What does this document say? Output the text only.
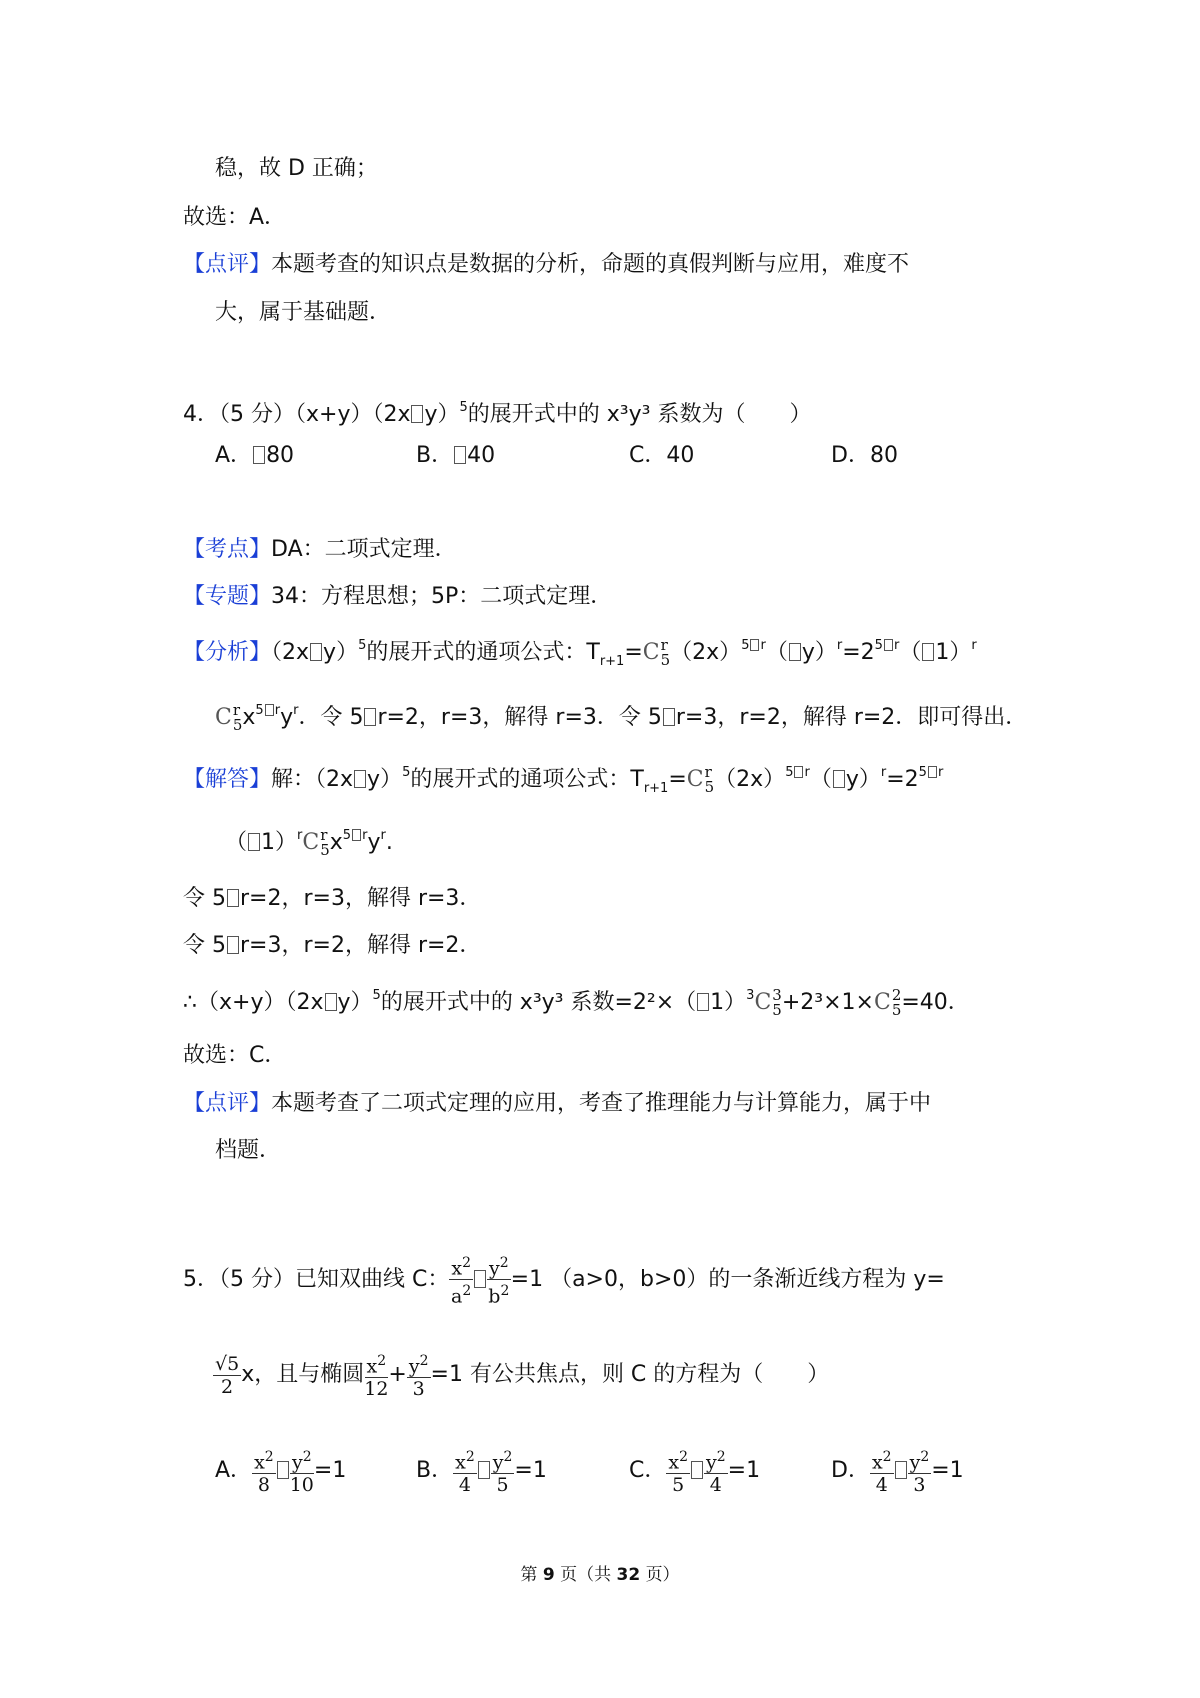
稳，故 D 正确；
故选：A．
【点评】本题考查的知识点是数据的分析，命题的真假判断与应用，难度不
大，属于基础题．
4．（5 分）（x+y）（2x y）$^5$的展开式中的 x³y³ 系数为（　　）
A． 80	B． 40	C．40	D．80
【考点】DA：二项式定理．
【专题】34：方程思想；5P：二项式定理．
【分析】（2x y）$^5$的展开式的通项公式：$T_{r+1}= C$ r
5 $(2x)^{5 r}$（ $y)^r=2^{5 r}$（ 1）$^r$
C r
5 $x^{5 r}y^r$．令 5 r=2，r=3，解得 r=3．令 5 r=3，r=2，解得 r=2．即可得出．
【解答】解：（2x y）$^5$的展开式的通项公式：$T_{r+1}= C$ r
5 $(2x)^{5 r}$（ $y)^r=2^{5 r}$
（ 1）$^r$ C r
5 $x^{5 r}y^r$.
令 5 r=2，r=3，解得 r=3．
令 5 r=3，r=2，解得 r=2．
∴（x+y）（2x y）$^5$的展开式中的 x³y³ 系数=2²×（ 1）$^3$ C 3
5 +2³×1× C 2
5 =40．
故选：C．
【点评】本题考查了二项式定理的应用，考查了推理能力与计算能力，属于中
档题．
5．（5 分）已知双曲线 C： $\frac{x^2}{a^2} \frac{y^2}{b^2} =1$ （a>0，b>0）的一条渐近线方程为 y=
$\frac{√5}{2}$ x，且与椭圆 $\frac{x^2}{12} + \frac{y^2}{3} =1$ 有公共焦点，则 C 的方程为（　　）
A． $\frac{x^2}{8} \frac{y^2}{10} =1$	B． $\frac{x^2}{4} \frac{y^2}{5} =1$	C． $\frac{x^2}{5} \frac{y^2}{4} =1$	D． $\frac{x^2}{4} \frac{y^2}{3} =1$
第 9 页（共 32 页）
